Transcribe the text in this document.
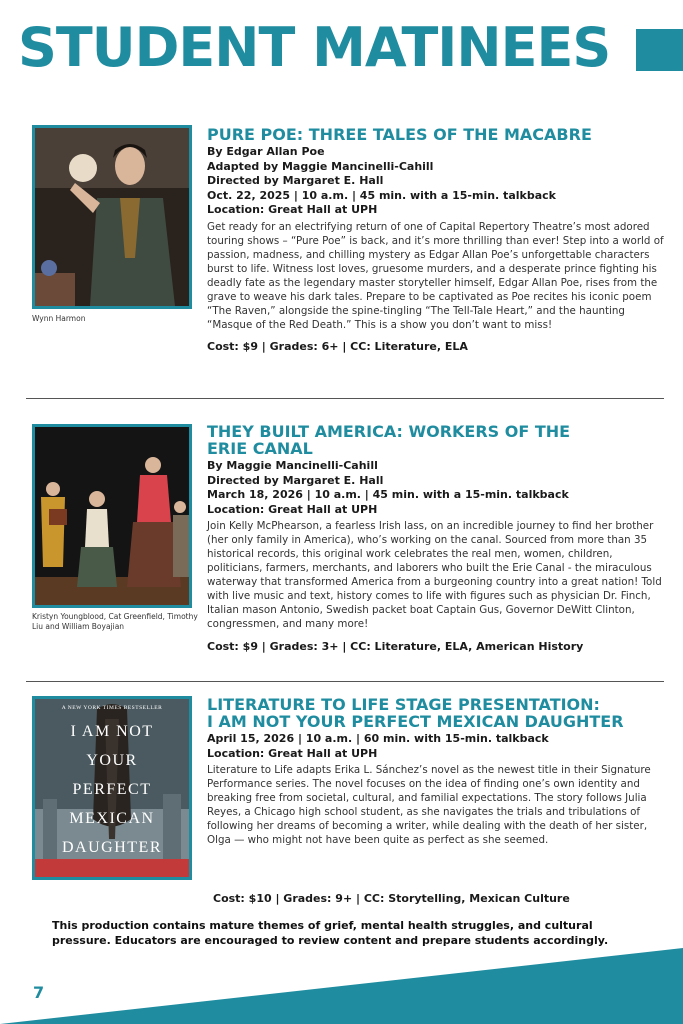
STUDENT MATINEES
Wynn Harmon
PURE POE: THREE TALES OF THE MACABRE
By Edgar Allan Poe
Adapted by Maggie Mancinelli-Cahill
Directed by Margaret E. Hall
Oct. 22, 2025 | 10 a.m. | 45 min. with a 15-min. talkback
Location: Great Hall at UPH
Get ready for an electrifying return of one of Capital Repertory Theatre’s most adored touring shows – “Pure Poe” is back, and it’s more thrilling than ever! Step into a world of passion, madness, and chilling mystery as Edgar Allan Poe’s unforgettable characters burst to life. Witness lost loves, gruesome murders, and a desperate prince fighting his deadly fate as the legendary master storyteller himself, Edgar Allan Poe, rises from the grave to weave his dark tales. Prepare to be captivated as Poe recites his iconic poem “The Raven,” alongside the spine-tingling “The Tell-Tale Heart,” and the haunting “Masque of the Red Death.” This is a show you don’t want to miss!
Cost: $9 | Grades: 6+ | CC: Literature, ELA
Kristyn Youngblood, Cat Greenfield, Timothy Liu and William Boyajian
THEY BUILT AMERICA: WORKERS OF THE
ERIE CANAL
By Maggie Mancinelli-Cahill
Directed by Margaret E. Hall
March 18, 2026 | 10 a.m. | 45 min. with a 15-min. talkback
Location: Great Hall at UPH
Join Kelly McPhearson, a fearless Irish lass, on an incredible journey to find her brother (her only family in America), who’s working on the canal. Sourced from more than 35 historical records, this original work celebrates the real men, women, children, politicians, farmers, merchants, and laborers who built the Erie Canal - the miraculous waterway that transformed America from a burgeoning country into a great nation! Told with live music and text, history comes to life with figures such as physician Dr. Finch, Italian mason Antonio, Swedish packet boat Captain Gus, Governor DeWitt Clinton, congressmen, and many more!
Cost: $9 | Grades: 3+ | CC: Literature, ELA, American History
A NEW YORK TIMES BESTSELLER
I AM NOT
YOUR
PERFECT
MEXICAN
DAUGHTER
LITERATURE TO LIFE STAGE PRESENTATION:
I AM NOT YOUR PERFECT MEXICAN DAUGHTER
April 15, 2026 | 10 a.m. | 60 min. with 15-min. talkback
Location: Great Hall at UPH
Literature to Life adapts Erika L. Sánchez’s novel as the newest title in their Signature Performance series. The novel focuses on the idea of finding one’s own identity and breaking free from societal, cultural, and familial expectations. The story follows Julia Reyes, a Chicago high school student, as she navigates the trials and tribulations of following her dreams of becoming a writer, while dealing with the death of her sister, Olga — who might not have been quite as perfect as she seemed.
Cost: $10 | Grades: 9+ | CC: Storytelling, Mexican Culture
This production contains mature themes of grief, mental health struggles, and cultural pressure. Educators are encouraged to review content and prepare students accordingly.
7
